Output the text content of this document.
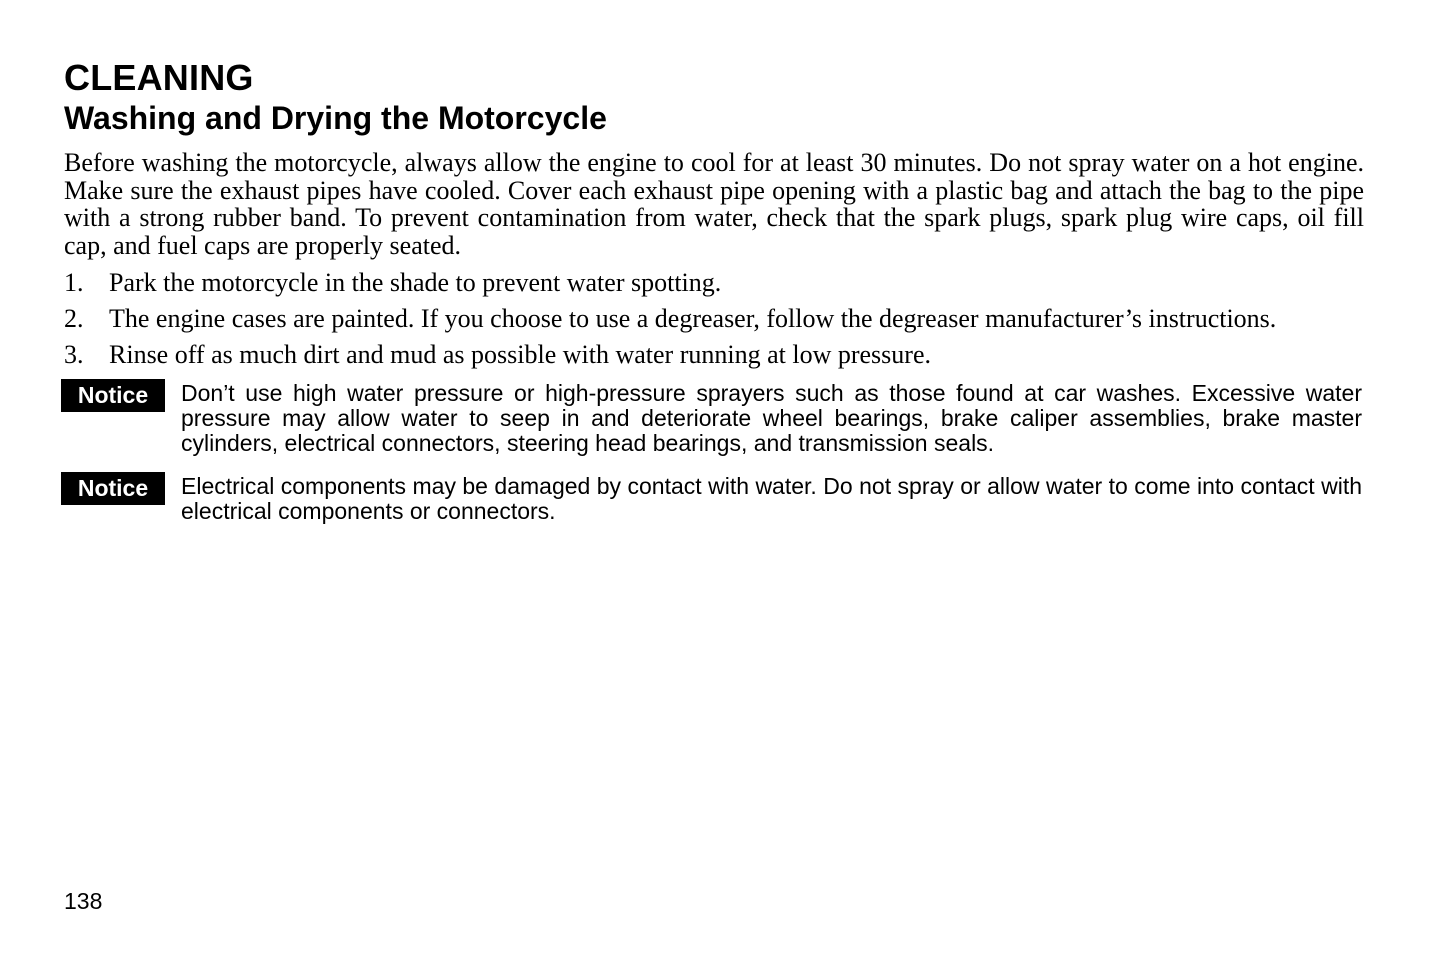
CLEANING
Washing and Drying the Motorcycle

Before washing the motorcycle, always allow the engine to cool for at least 30 minutes. Do not spray water on a hot engine. Make sure the exhaust pipes have cooled. Cover each exhaust pipe opening with a plastic bag and attach the bag to the pipe with a strong rubber band. To prevent contamination from water, check that the spark plugs, spark plug wire caps, oil fill cap, and fuel caps are properly seated.

1. Park the motorcycle in the shade to prevent water spotting.
2. The engine cases are painted. If you choose to use a degreaser, follow the degreaser manufacturer’s instructions.
3. Rinse off as much dirt and mud as possible with water running at low pressure.
Notice	Don’t use high water pressure or high-pressure sprayers such as those found at car washes. Excessive water pressure may allow water to seep in and deteriorate wheel bearings, brake caliper assemblies, brake master cylinders, electrical connectors, steering head bearings, and transmission seals.
Notice	Electrical components may be damaged by contact with water. Do not spray or allow water to come into contact with electrical components or connectors.
138
